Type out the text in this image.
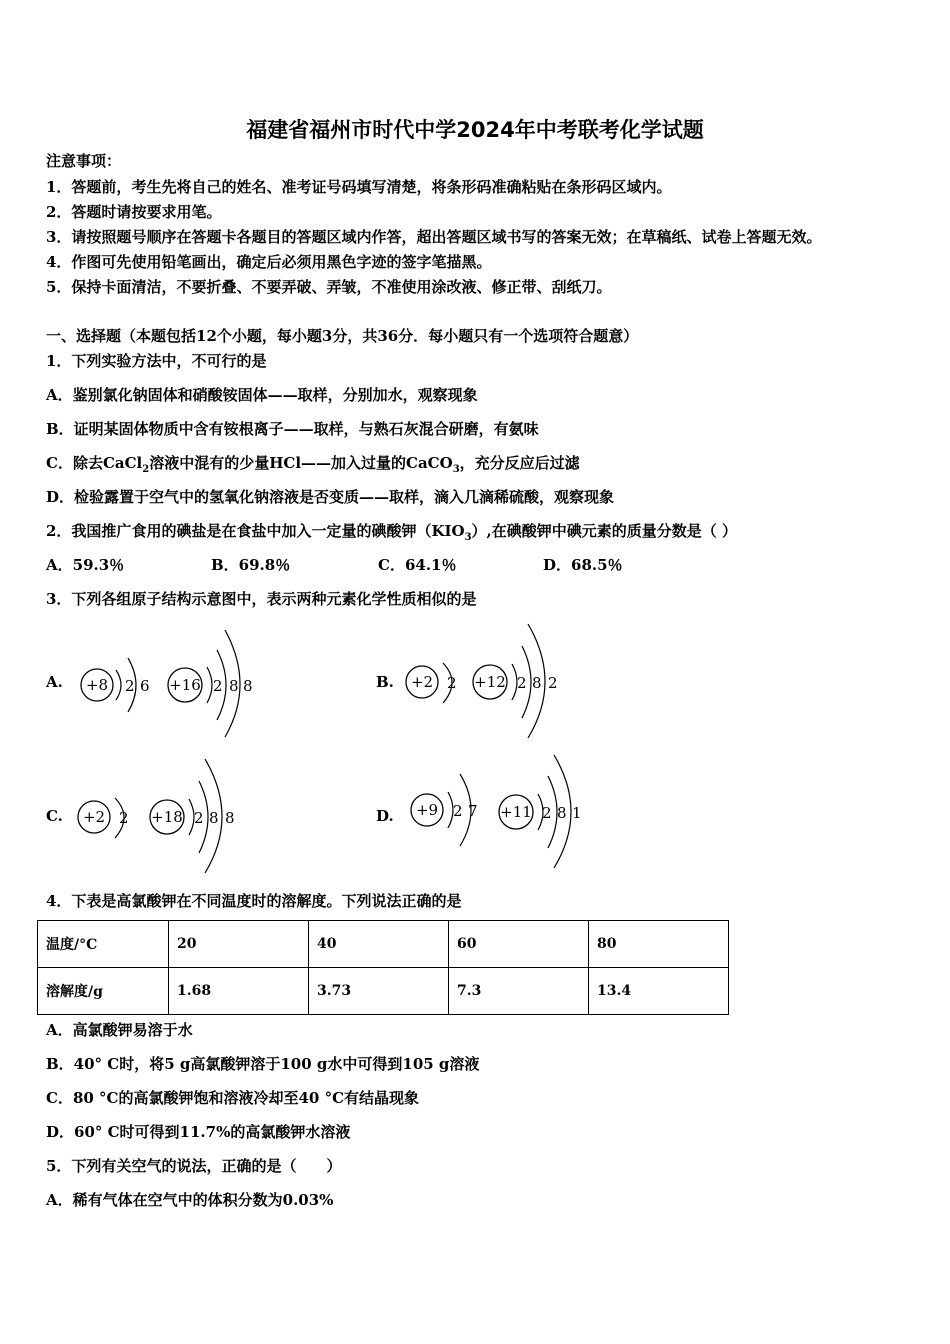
福建省福州市时代中学2024年中考联考化学试题
注意事项：
1．答题前，考生先将自己的姓名、准考证号码填写清楚，将条形码准确粘贴在条形码区域内。
2．答题时请按要求用笔。
3．请按照题号顺序在答题卡各题目的答题区域内作答，超出答题区域书写的答案无效；在草稿纸、试卷上答题无效。
4．作图可先使用铅笔画出，确定后必须用黑色字迹的签字笔描黑。
5．保持卡面清洁，不要折叠、不要弄破、弄皱，不准使用涂改液、修正带、刮纸刀。
一、选择题（本题包括12个小题，每小题3分，共36分．每小题只有一个选项符合题意）
1．下列实验方法中，不可行的是
A．鉴别氯化钠固体和硝酸铵固体——取样，分别加水，观察现象
B．证明某固体物质中含有铵根离子——取样，与熟石灰混合研磨，有氨味
C．除去CaCl$_2$溶液中混有的少量HCl——加入过量的CaCO$_3$，充分反应后过滤
D．检验露置于空气中的氢氧化钠溶液是否变质——取样，滴入几滴稀硫酸，观察现象
2．我国推广食用的碘盐是在食盐中加入一定量的碘酸钾$(KIO_3)$,在碘酸钾中碘元素的质量分数是（ ）
A．59.3％	B．69.8％	C．64.1％	D．68.5％
3．下列各组原子结构示意图中，表示两种元素化学性质相似的是
A.	B.
C.	D.
+8 2 6 +16 2 8 8	+2 2 +12 2 8 2
+2 2 +18 2 8 8	+9 2 7 +11 2 8 1
4．下表是高氯酸钾在不同温度时的溶解度。下列说法正确的是
温度/°C	20	40	60	80
溶解度/g	1.68	3.73	7.3	13.4
A．高氯酸钾易溶于水
B．40° C时，将5 g高氯酸钾溶于100 g水中可得到105 g溶液
C．80 °C的高氯酸钾饱和溶液冷却至40 °C有结晶现象
D．60° C时可得到11.7%的高氯酸钾水溶液
5．下列有关空气的说法，正确的是（　　）
A．稀有气体在空气中的体积分数为0.03%
